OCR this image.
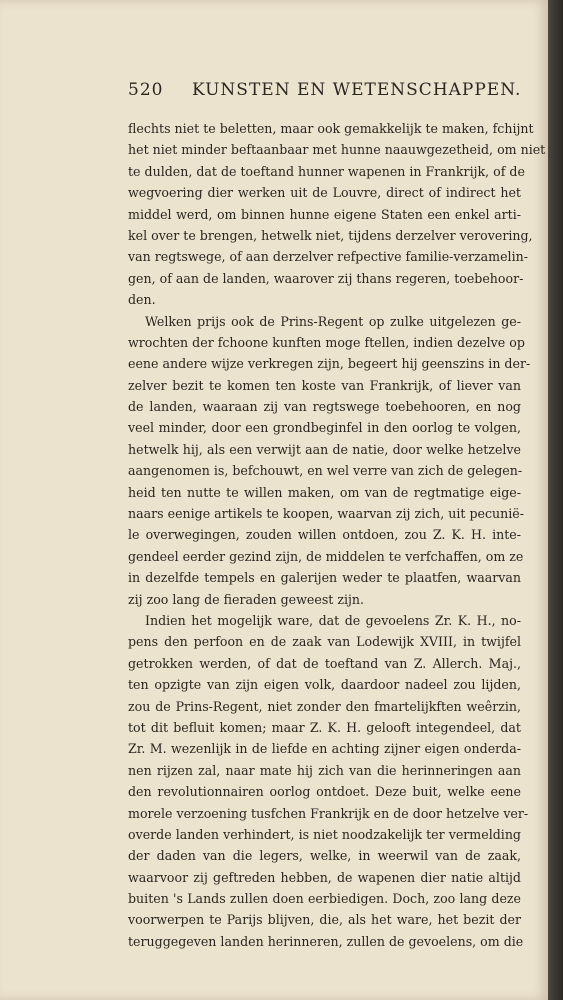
520 KUNSTEN EN WETENSCHAPPEN.
flechts niet te beletten, maar ook gemakkelijk te maken, fchijnt
het niet minder beftaanbaar met hunne naauwgezetheid, om niet
te dulden, dat de toeftand hunner wapenen in Frankrijk, of de
wegvoering dier werken uit de Louvre, direct of indirect het
middel werd, om binnen hunne eigene Staten een enkel arti-
kel over te brengen, hetwelk niet, tijdens derzelver verovering,
van regtswege, of aan derzelver refpective familie-verzamelin-
gen, of aan de landen, waarover zij thans regeren, toebehoor-
den.
Welken prijs ook de Prins-Regent op zulke uitgelezen ge-
wrochten der fchoone kunften moge ftellen, indien dezelve op
eene andere wijze verkregen zijn, begeert hij geenszins in der-
zelver bezit te komen ten koste van Frankrijk, of liever van
de landen, waaraan zij van regtswege toebehooren, en nog
veel minder, door een grondbeginfel in den oorlog te volgen,
hetwelk hij, als een verwijt aan de natie, door welke hetzelve
aangenomen is, befchouwt, en wel verre van zich de gelegen-
heid ten nutte te willen maken, om van de regtmatige eige-
naars eenige artikels te koopen, waarvan zij zich, uit pecuniё-
le overwegingen, zouden willen ontdoen, zou Z. K. H. inte-
gendeel eerder gezind zijn, de middelen te verfchaffen, om ze
in dezelfde tempels en galerijen weder te plaatfen, waarvan
zij zoo lang de fieraden geweest zijn.
Indien het mogelijk ware, dat de gevoelens Zr. K. H., no-
pens den perfoon en de zaak van Lodewijk XVIII, in twijfel
getrokken werden, of dat de toeftand van Z. Allerch. Maj.,
ten opzigte van zijn eigen volk, daardoor nadeel zou lijden,
zou de Prins-Regent, niet zonder den fmartelijkften weêrzin,
tot dit befluit komen; maar Z. K. H. gelooft integendeel, dat
Zr. M. wezenlijk in de liefde en achting zijner eigen onderda-
nen rijzen zal, naar mate hij zich van die herinneringen aan
den revolutionnairen oorlog ontdoet. Deze buit, welke eene
morele verzoening tusfchen Frankrijk en de door hetzelve ver-
overde landen verhindert, is niet noodzakelijk ter vermelding
der daden van die legers, welke, in weerwil van de zaak,
waarvoor zij geftreden hebben, de wapenen dier natie altijd
buiten 's Lands zullen doen eerbiedigen. Doch, zoo lang deze
voorwerpen te Parijs blijven, die, als het ware, het bezit der
teruggegeven landen herinneren, zullen de gevoelens, om die
